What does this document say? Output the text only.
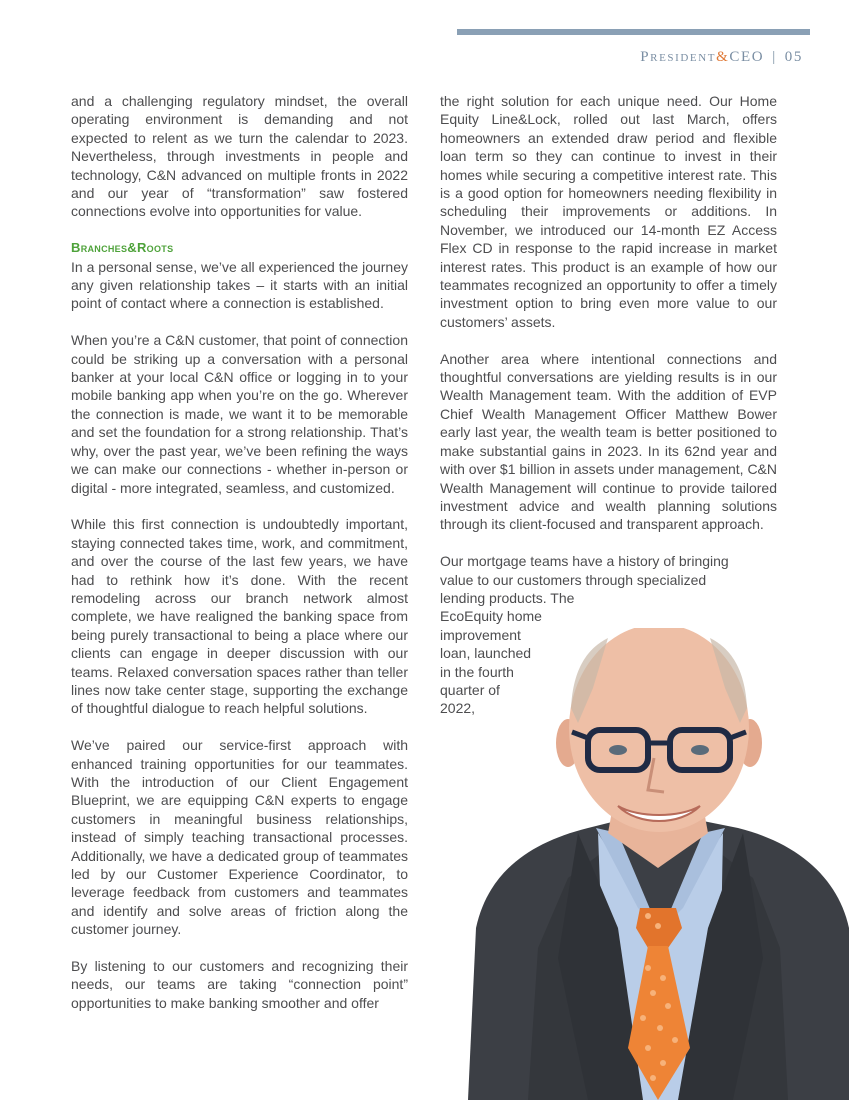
President&CEO | 05

and a challenging regulatory mindset, the overall operating environment is demanding and not expected to relent as we turn the calendar to 2023. Nevertheless, through investments in people and technology, C&N advanced on multiple fronts in 2022 and our year of “transformation” saw fostered connections evolve into opportunities for value.

Branches&Roots

In a personal sense, we’ve all experienced the journey any given relationship takes – it starts with an initial point of contact where a connection is established.

When you’re a C&N customer, that point of connection could be striking up a conversation with a personal banker at your local C&N office or logging in to your mobile banking app when you’re on the go. Wherever the connection is made, we want it to be memorable and set the foundation for a strong relationship. That’s why, over the past year, we’ve been refining the ways we can make our connections - whether in-person or digital - more integrated, seamless, and customized.

While this first connection is undoubtedly important, staying connected takes time, work, and commitment, and over the course of the last few years, we have had to rethink how it’s done. With the recent remodeling across our branch network almost complete, we have realigned the banking space from being purely transactional to being a place where our clients can engage in deeper discussion with our teams. Relaxed conversation spaces rather than teller lines now take center stage, supporting the exchange of thoughtful dialogue to reach helpful solutions.

We’ve paired our service-first approach with enhanced training opportunities for our teammates. With the introduction of our Client Engagement Blueprint, we are equipping C&N experts to engage customers in meaningful business relationships, instead of simply teaching transactional processes. Additionally, we have a dedicated group of teammates led by our Customer Experience Coordinator, to leverage feedback from customers and teammates and identify and solve areas of friction along the customer journey.

By listening to our customers and recognizing their needs, our teams are taking “connection point” opportunities to make banking smoother and offer

the right solution for each unique need. Our Home Equity Line&Lock, rolled out last March, offers homeowners an extended draw period and flexible loan term so they can continue to invest in their homes while securing a competitive interest rate. This is a good option for homeowners needing flexibility in scheduling their improvements or additions. In November, we introduced our 14-month EZ Access Flex CD in response to the rapid increase in market interest rates. This product is an example of how our teammates recognized an opportunity to offer a timely investment option to bring even more value to our customers’ assets.

Another area where intentional connections and thoughtful conversations are yielding results is in our Wealth Management team. With the addition of EVP Chief Wealth Management Officer Matthew Bower early last year, the wealth team is better positioned to make substantial gains in 2023. In its 62nd year and with over $1 billion in assets under management, C&N Wealth Management will continue to provide tailored investment advice and wealth planning solutions through its client-focused and transparent approach.

Our mortgage teams have a history of bringing
value to our customers through specialized
lending products. The
EcoEquity home
improvement
loan, launched
in the fourth
quarter of
2022,
